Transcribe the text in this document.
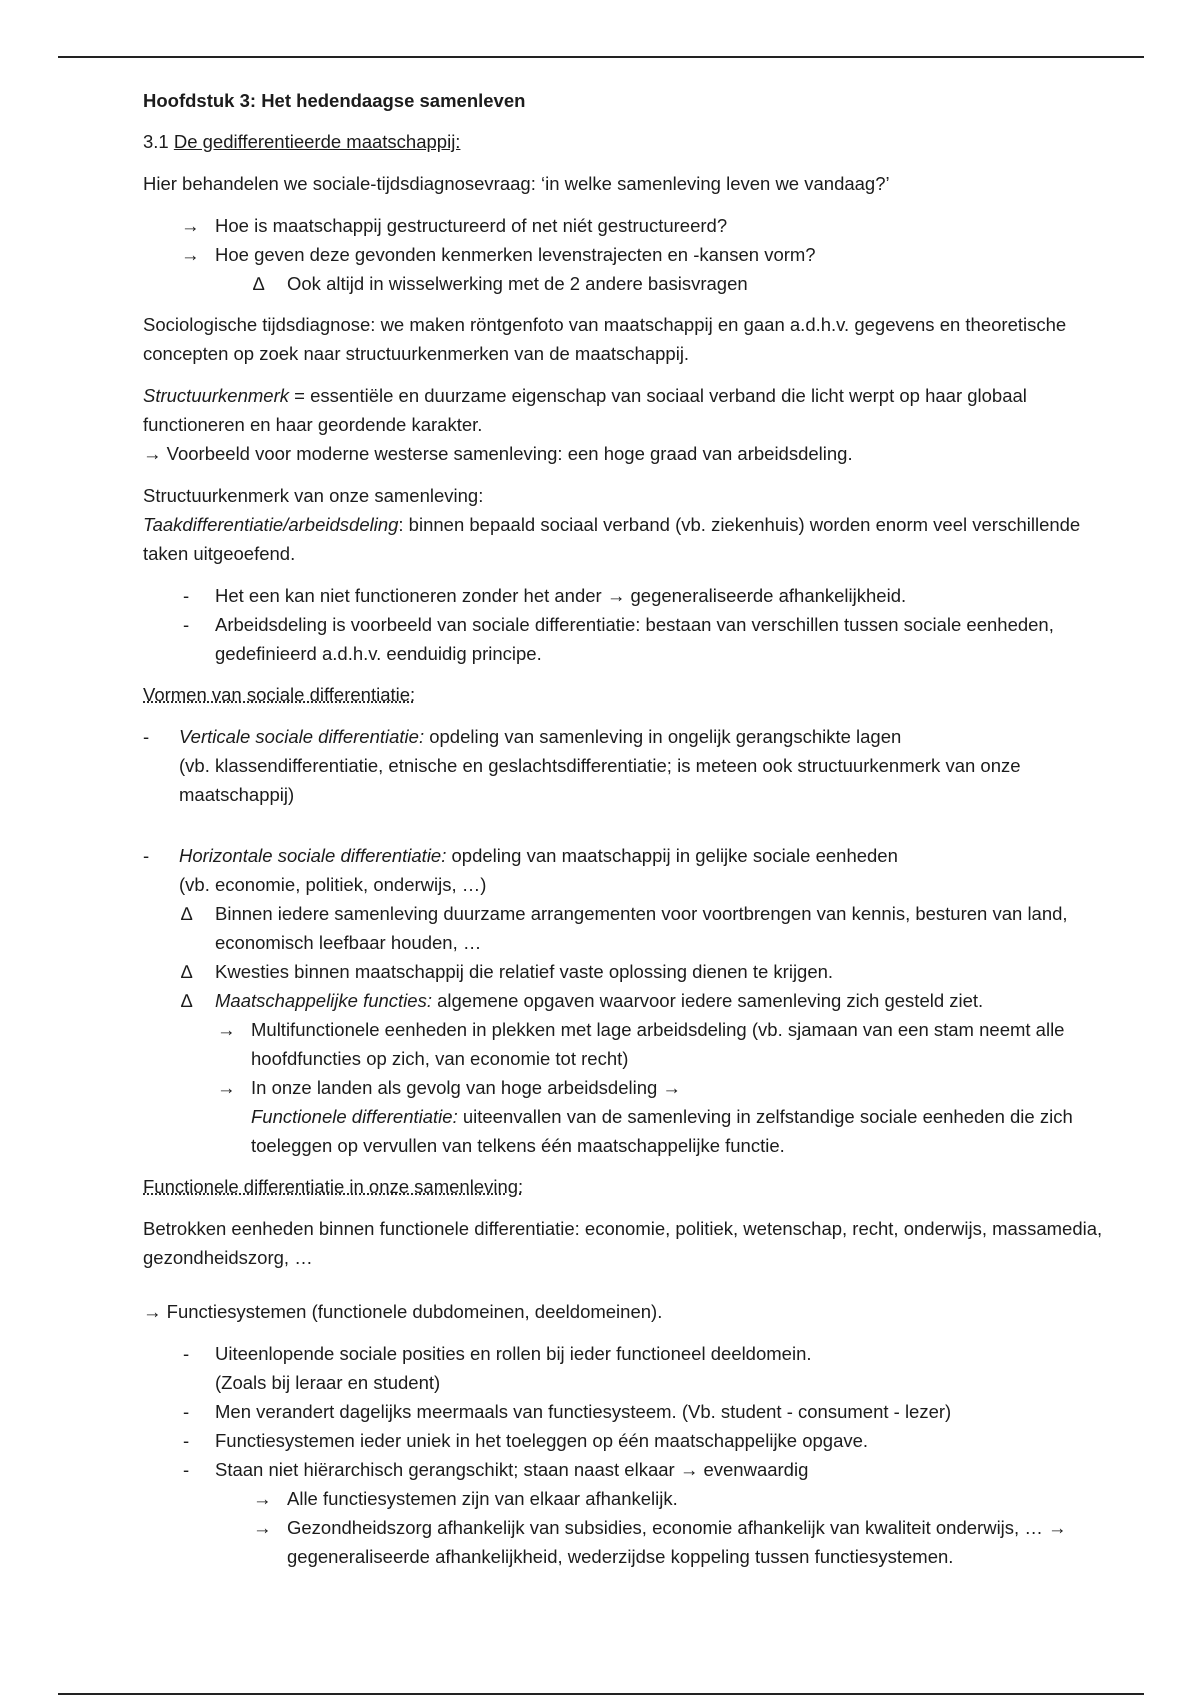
Hoofdstuk 3: Het hedendaagse samenleven
3.1 De gedifferentieerde maatschappij:

Hier behandelen we sociale-tijdsdiagnosevraag: ‘in welke samenleving leven we vandaag?’

→ Hoe is maatschappij gestructureerd of net niét gestructureerd?
→ Hoe geven deze gevonden kenmerken levenstrajecten en -kansen vorm?
∆ Ook altijd in wisselwerking met de 2 andere basisvragen

Sociologische tijdsdiagnose: we maken röntgenfoto van maatschappij en gaan a.d.h.v. gegevens en theoretische concepten op zoek naar structuurkenmerken van de maatschappij.

Structuurkenmerk = essentiële en duurzame eigenschap van sociaal verband die licht werpt op haar globaal functioneren en haar geordende karakter.

→ Voorbeeld voor moderne westerse samenleving: een hoge graad van arbeidsdeling.

Structuurkenmerk van onze samenleving:

Taakdifferentiatie/arbeidsdeling: binnen bepaald sociaal verband (vb. ziekenhuis) worden enorm veel verschillende taken uitgeoefend.

- Het een kan niet functioneren zonder het ander → gegeneraliseerde afhankelijkheid.
- Arbeidsdeling is voorbeeld van sociale differentiatie: bestaan van verschillen tussen sociale eenheden, gedefinieerd a.d.h.v. eenduidig principe.

Vormen van sociale differentiatie:

- Verticale sociale differentiatie: opdeling van samenleving in ongelijk gerangschikte lagen
(vb. klassendifferentiatie, etnische en geslachtsdifferentiatie; is meteen ook structuurkenmerk van onze maatschappij)
- Horizontale sociale differentiatie: opdeling van maatschappij in gelijke sociale eenheden
(vb. economie, politiek, onderwijs, …)
∆ Binnen iedere samenleving duurzame arrangementen voor voortbrengen van kennis, besturen van land, economisch leefbaar houden, …
∆ Kwesties binnen maatschappij die relatief vaste oplossing dienen te krijgen.
∆ Maatschappelijke functies: algemene opgaven waarvoor iedere samenleving zich gesteld ziet.
→ Multifunctionele eenheden in plekken met lage arbeidsdeling (vb. sjamaan van een stam neemt alle hoofdfuncties op zich, van economie tot recht)
→ In onze landen als gevolg van hoge arbeidsdeling →
Functionele differentiatie: uiteenvallen van de samenleving in zelfstandige sociale eenheden die zich toeleggen op vervullen van telkens één maatschappelijke functie.

Functionele differentiatie in onze samenleving:

Betrokken eenheden binnen functionele differentiatie: economie, politiek, wetenschap, recht, onderwijs, massamedia, gezondheidszorg, …

→ Functiesystemen (functionele dubdomeinen, deeldomeinen).

- Uiteenlopende sociale posities en rollen bij ieder functioneel deeldomein.
(Zoals bij leraar en student)
- Men verandert dagelijks meermaals van functiesysteem. (Vb. student - consument - lezer)
- Functiesystemen ieder uniek in het toeleggen op één maatschappelijke opgave.
- Staan niet hiërarchisch gerangschikt; staan naast elkaar → evenwaardig
→ Alle functiesystemen zijn van elkaar afhankelijk.
→ Gezondheidszorg afhankelijk van subsidies, economie afhankelijk van kwaliteit onderwijs, … → gegeneraliseerde afhankelijkheid, wederzijdse koppeling tussen functiesystemen.
